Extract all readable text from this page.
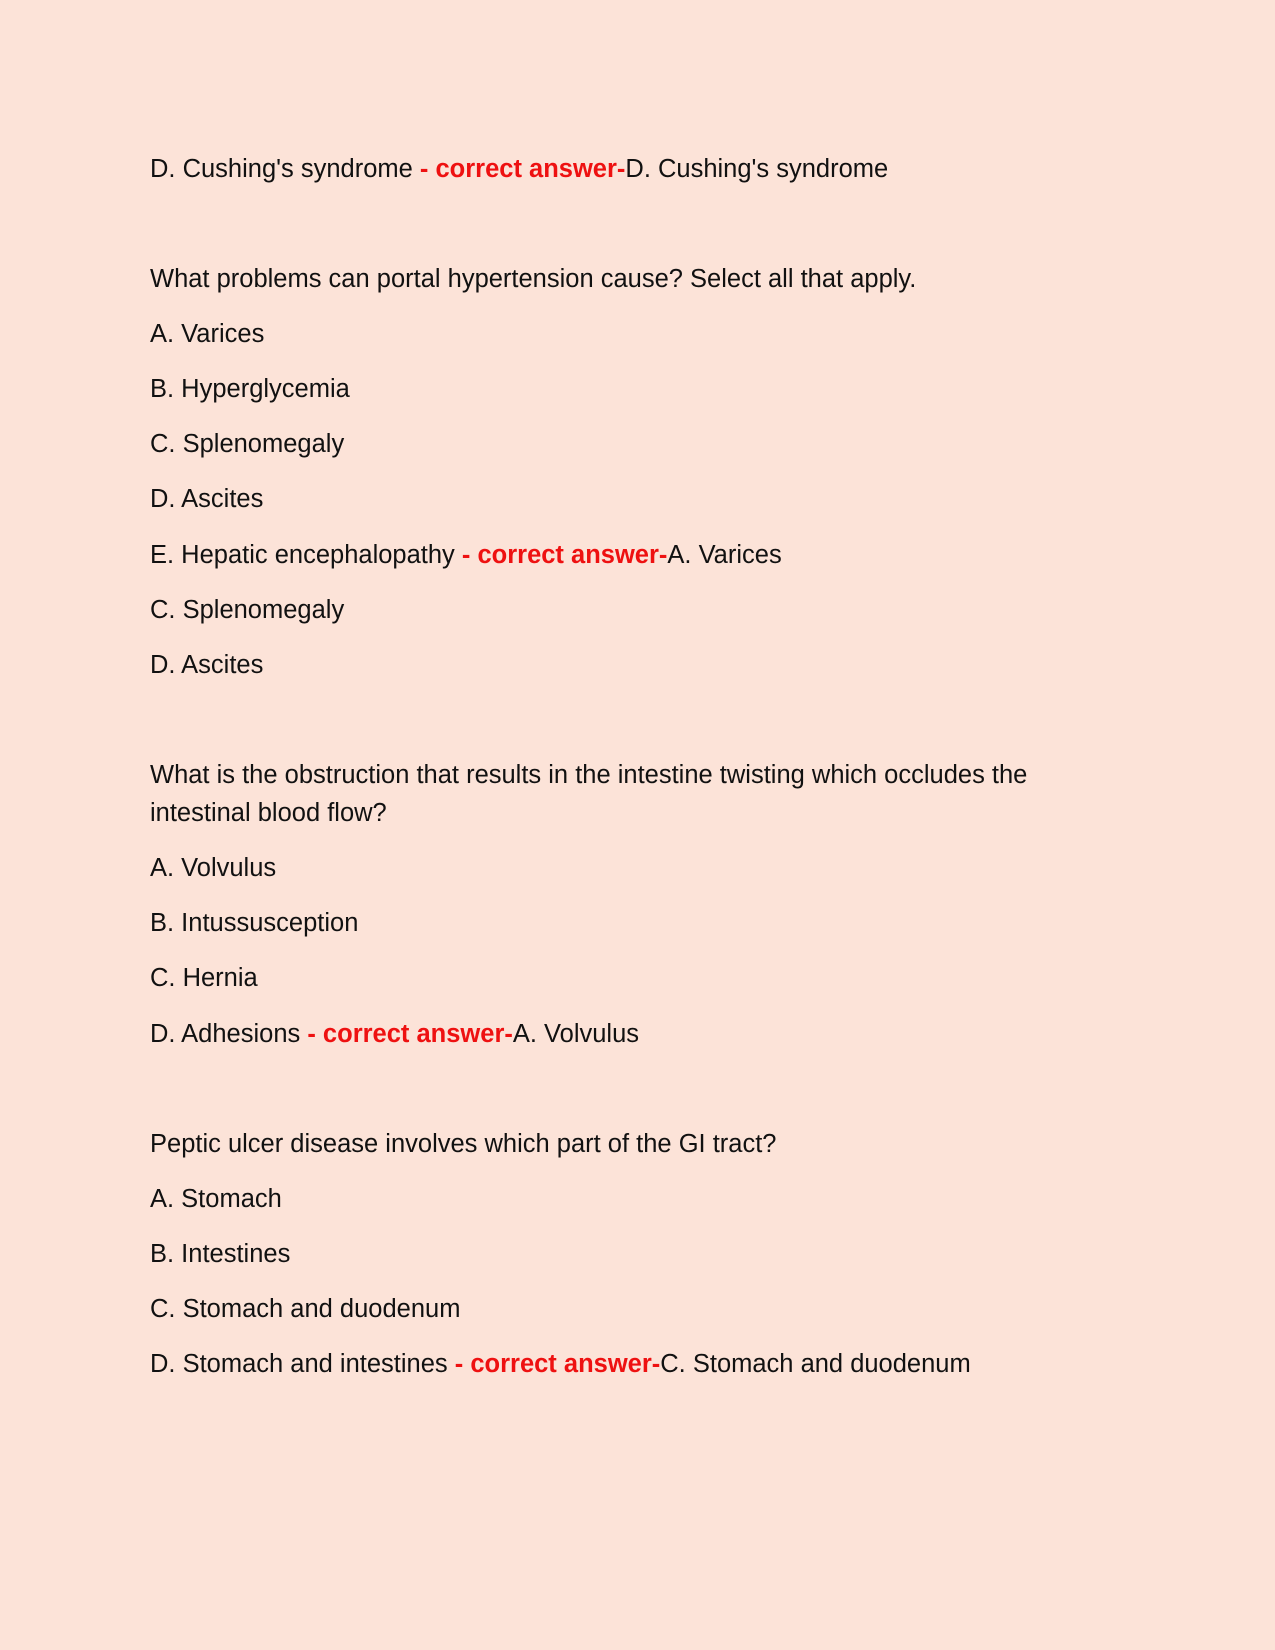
D. Cushing's syndrome - correct answer-D. Cushing's syndrome
What problems can portal hypertension cause? Select all that apply.
A. Varices
B. Hyperglycemia
C. Splenomegaly
D. Ascites
E. Hepatic encephalopathy - correct answer-A. Varices
C. Splenomegaly
D. Ascites
What is the obstruction that results in the intestine twisting which occludes the intestinal blood flow?
A. Volvulus
B. Intussusception
C. Hernia
D. Adhesions - correct answer-A. Volvulus
Peptic ulcer disease involves which part of the GI tract?
A. Stomach
B. Intestines
C. Stomach and duodenum
D. Stomach and intestines - correct answer-C. Stomach and duodenum
